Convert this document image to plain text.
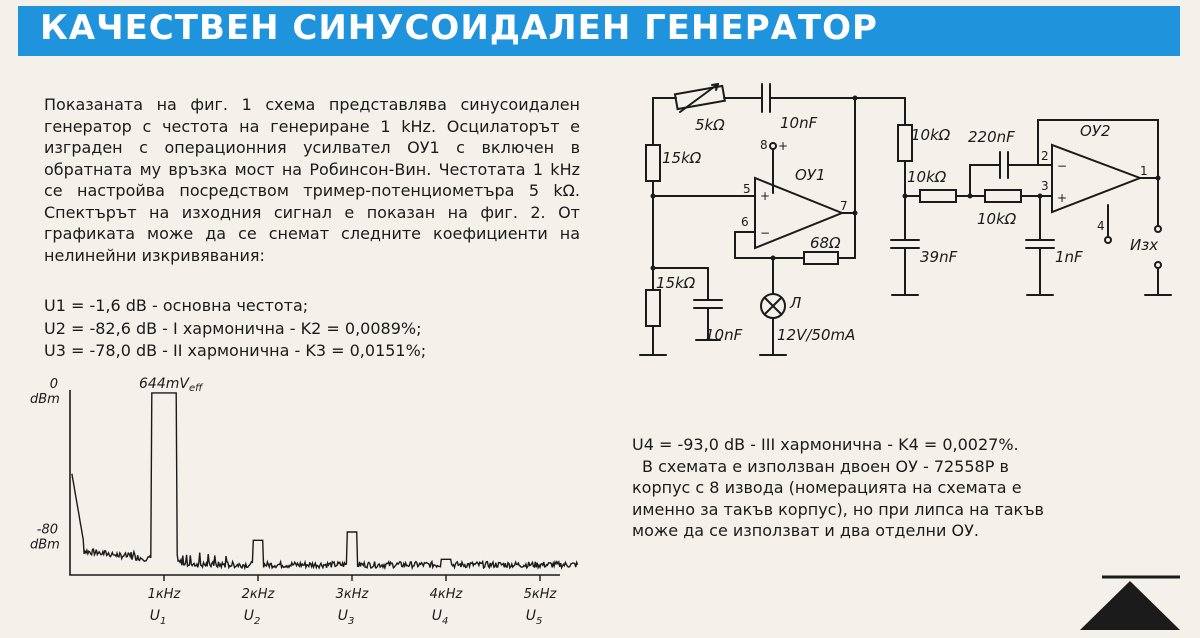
КАЧЕСТВЕН СИНУСОИДАЛЕН ГЕНЕРАТОР
Показаната на фиг. 1 схема представлява синусоидален генератор с честота на генериране 1 kHz. Осцилаторът е изграден с операционния усилвател ОУ1 с включен в обратната му връзка мост на Робинсон-Вин. Честотата 1 kHz се настройва посредством тример-потенциометъра 5 kΩ. Спектърът на изходния сигнал е показан на фиг. 2. От графиката може да се снемат следните коефициенти на нелинейни изкривявания:
U1 = -1,6 dB - основна честота;
U2 = -82,6 dB - I хармонична - K2 = 0,0089%;
U3 = -78,0 dB - II хармонична - K3 = 0,0151%;
U4 = -93,0 dB - III хармонична - K4 = 0,0027%.
В схемата е използван двоен ОУ - 72558Р в
корпус с 8 извода (номерацията на схемата е
именно за такъв корпус), но при липса на такъв
може да се използват и два отделни ОУ.
5kΩ	10nF
15kΩ
15kΩ
10nF
Л
12V/50mA
68Ω
ОУ1
10kΩ
10kΩ
10kΩ
39nF
220nF
1nF
ОУ2
Изх
8 +
5
6
7
+
−
2
3
1
4
−
+
0
dBm
-80
dBm
1кHz
$U_1$
2кHz
$U_2$
3кHz
$U_3$
4кHz
$U_4$
5кHz
$U_5$
$644mV_{eff}$
